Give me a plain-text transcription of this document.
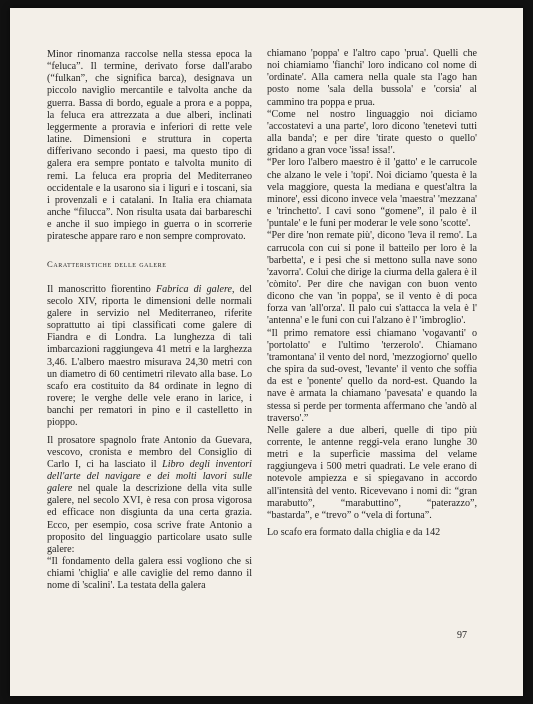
Minor rinomanza raccolse nella stessa epoca la “feluca”. Il termine, derivato forse dall'arabo (“fulkan”, che significa barca), designava un piccolo naviglio mercantile e talvolta anche da guerra. Bassa di bordo, eguale a prora e a poppa, la feluca era attrezzata a due alberi, inclinati leggermente a proravia e inferiori di rette vele latine. Dimensioni e struttura in coperta differivano secondo i paesi, ma questo tipo di galera era sempre pontato e talvolta munito di remi. La feluca era propria del Mediterraneo occidentale e la usarono sia i liguri e i toscani, sia i provenzali e i catalani. In Italia era chiamata anche “filucca”. Non risulta usata dai barbareschi e anche il suo impiego in guerra o in scorrerie piratesche appare raro e non sempre comprovato.

Caratteristiche delle galere

Il manoscritto fiorentino Fabrica di galere, del secolo XIV, riporta le dimensioni delle normali galere in servizio nel Mediterraneo, riferite soprattutto ai tipi classificati come galere di Fiandra e di Londra. La lunghezza di tali imbarcazioni raggiungeva 41 metri e la larghezza 3,46. L'albero maestro misurava 24,30 metri con un diametro di 60 centimetri rilevato alla base. Lo scafo era costituito da 84 ordinate in legno di rovere; le verghe delle vele erano in larice, i banchi per rematori in pino e il castelletto in pioppo.

Il prosatore spagnolo frate Antonio da Guevara, vescovo, cronista e membro del Consiglio di Carlo I, ci ha lasciato il Libro degli inventori dell'arte del navigare e dei molti lavori sulle galere nel quale la descrizione della vita sulle galere, nel secolo XVI, è resa con prosa vigorosa ed efficace non disgiunta da una certa grazia. Ecco, per esempio, cosa scrive frate Antonio a proposito del linguaggio particolare usato sulle galere:

“Il fondamento della galera essi vogliono che si chiami 'chiglia' e alle caviglie del remo danno il nome di 'scalini'. La testata della galera

chiamano 'poppa' e l'altro capo 'prua'. Quelli che noi chiamiamo 'fianchi' loro indicano col nome di 'ordinate'. Alla camera nella quale sta l'ago han posto nome 'sala della bussola' e 'corsia' al cammino tra poppa e prua.

“Come nel nostro linguaggio noi diciamo 'accostatevi a una parte', loro dicono 'tenetevi tutti alla banda'; e per dire 'tirate questo o quello' gridano a gran voce 'issa! issa!'.

“Per loro l'albero maestro è il 'gatto' e le carrucole che alzano le vele i 'topi'. Noi diciamo 'questa è la vela maggiore, questa la mediana e quest'altra la minore', essi dicono invece vela 'maestra' 'mezzana' e 'trinchetto'. I cavi sono “gomene”, il palo è il 'puntale' e le funi per moderar le vele sono 'scotte'.

“Per dire 'non remate più', dicono 'leva il remo'. La carrucola con cui si pone il batteilo per loro è la 'barbetta', e i pesi che si mettono sulla nave sono 'zavorra'. Colui che dirige la ciurma della galera è il 'còmito'. Per dire che navigan con buon vento dicono che van 'in poppa', se il vento è di poca forza van 'all'orza'. Il palo cui s'attacca la vela è l' 'antenna' e le funi con cui l'alzano è l' 'imbroglio'.

“Il primo rematore essi chiamano 'vogavanti' o 'portolatto' e l'ultimo 'terzerolo'. Chiamano 'tramontana' il vento del nord, 'mezzogiorno' quello che spira da sud-ovest, 'levante' il vento che soffia da est e 'ponente' quello da nord-est. Quando la nave è armata la chiamano 'pavesata' e quando la stessa si perde per tormenta affermano che 'andò al traverso'.”

Nelle galere a due alberi, quelle di tipo più corrente, le antenne reggi-vela erano lunghe 30 metri e la superficie massima del velame raggiungeva i 500 metri quadrati. Le vele erano di notevole ampiezza e si spiegavano in accordo all'intensità del vento. Ricevevano i nomi di: “gran marabutto”, “marabuttino”, “paterazzo”, “bastarda”, e “trevo” o “vela di fortuna”.

Lo scafo era formato dalla chiglia e da 142

97
